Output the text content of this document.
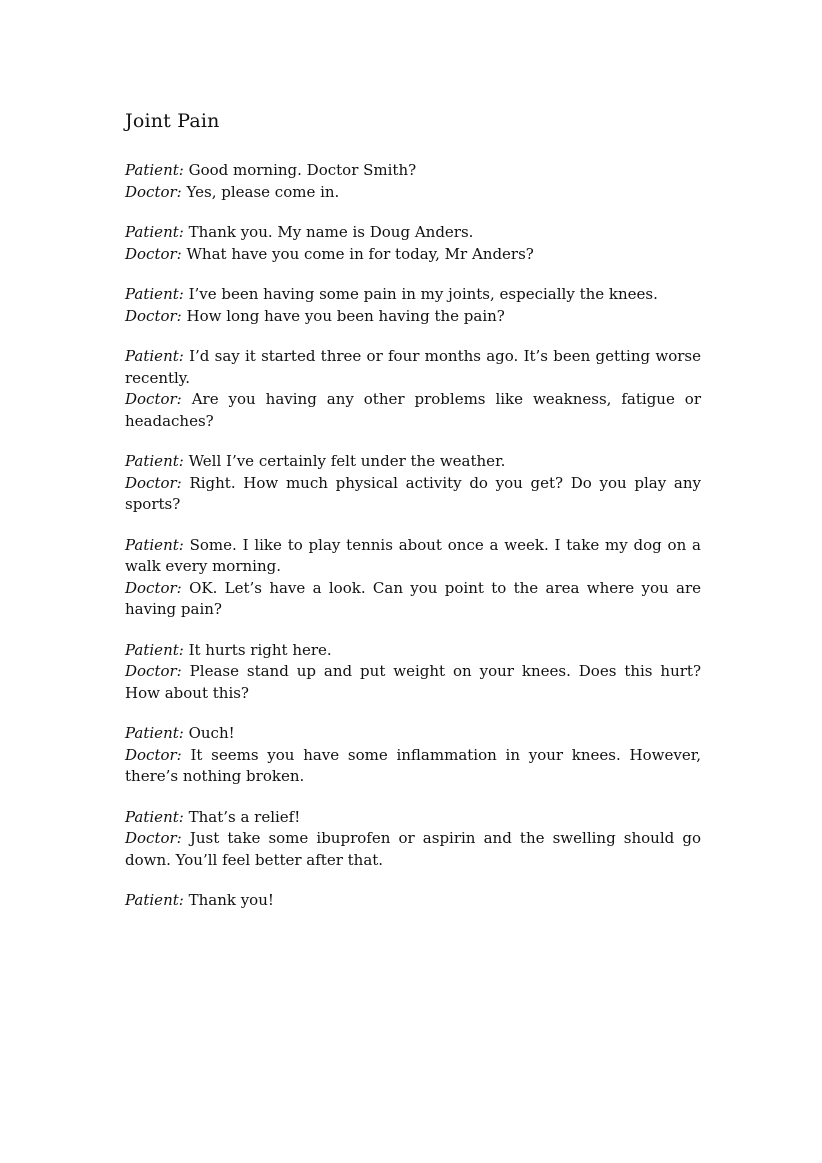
Joint Pain

Patient: Good morning. Doctor Smith?

Doctor: Yes, please come in.

Patient: Thank you. My name is Doug Anders.

Doctor: What have you come in for today, Mr Anders?

Patient: I’ve been having some pain in my joints, especially the knees.

Doctor: How long have you been having the pain?

Patient: I’d say it started three or four months ago. It’s been getting worse recently.

Doctor: Are you having any other problems like weakness, fatigue or headaches?

Patient: Well I’ve certainly felt under the weather.

Doctor: Right. How much physical activity do you get? Do you play any sports?

Patient: Some. I like to play tennis about once a week. I take my dog on a walk every morning.

Doctor: OK. Let’s have a look. Can you point to the area where you are having pain?

Patient: It hurts right here.

Doctor: Please stand up and put weight on your knees. Does this hurt? How about this?

Patient: Ouch!

Doctor: It seems you have some inflammation in your knees. However, there’s nothing broken.

Patient: That’s a relief!

Doctor: Just take some ibuprofen or aspirin and the swelling should go down. You’ll feel better after that.

Patient: Thank you!
